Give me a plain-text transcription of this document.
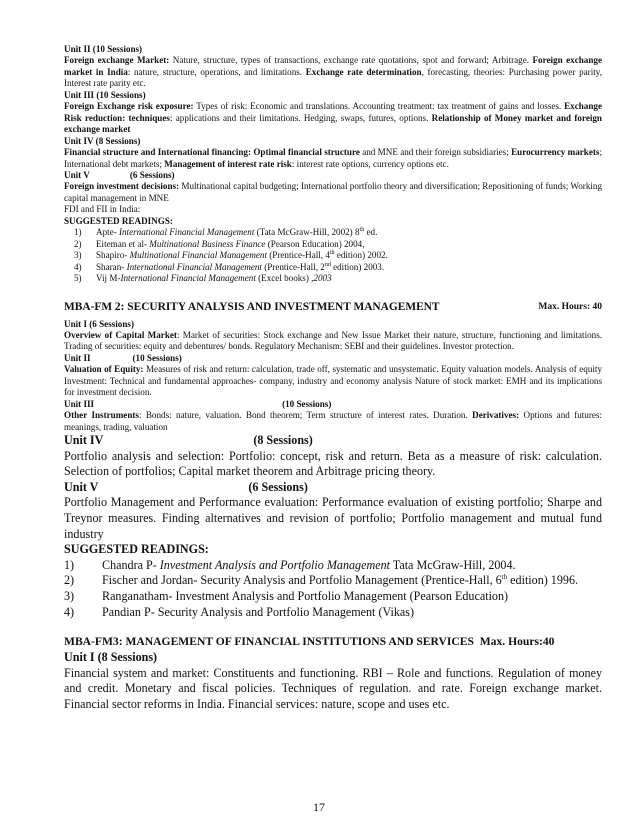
Unit II (10 Sessions)

Foreign exchange Market: Nature, structure, types of transactions, exchange rate quotations, spot and forward; Arbitrage. Foreign exchange market in India: nature, structure, operations, and limitations. Exchange rate determination, forecasting, theories: Purchasing power parity, Interest rate parity etc.

Unit III (10 Sessions)

Foreign Exchange risk exposure: Types of risk: Economic and translations. Accounting treatment: tax treatment of gains and losses. Exchange Risk reduction: techniques: applications and their limitations. Hedging, swaps, futures, options. Relationship of Money market and foreign exchange market

Unit IV (8 Sessions)

Financial structure and International financing: Optimal financial structure and MNE and their foreign subsidiaries; Eurocurrency markets; International debt markets; Management of interest rate risk: interest rate options, currency options etc.

Unit V	(6 Sessions)

Foreign investment decisions: Multinational capital budgeting; International portfolio theory and diversification; Repositioning of funds; Working capital management in MNE

FDI and FII in India:

SUGGESTED READINGS:

1)	Apte- International Financial Management (Tata McGraw-Hill, 2002) 8th ed.
2)	Eiteman et al- Multinational Business Finance (Pearson Education) 2004,
3)	Shapiro- Multinational Financial Management (Prentice-Hall, 4th edition) 2002.
4)	Sharan- International Financial Management (Prentice-Hall, 2nd edition) 2003.
5)	Vij M-International Financial Management (Excel books) ,2003
MBA-FM 2: SECURITY ANALYSIS AND INVESTMENT MANAGEMENT	Max. Hours: 40

Unit I (6 Sessions)

Overview of Capital Market: Market of securities: Stock exchange and New Issue Market their nature, structure, functioning and limitations. Trading of securities: equity and debentures/ bonds. Regulatory Mechanism: SEBI and their guidelines. Investor protection.

Unit II	(10 Sessions)

Valuation of Equity: Measures of risk and return: calculation, trade off, systematic and unsystematic. Equity valuation models. Analysis of equity Investment: Technical and fundamental approaches- company, industry and economy analysis Nature of stock market: EMH and its implications for investment decision.

Unit III	(10 Sessions)

Other Instruments: Bonds: nature, valuation. Bond theorem; Term structure of interest rates. Duration. Derivatives: Options and futures: meanings, trading, valuation

Unit IV	(8 Sessions)

Portfolio analysis and selection: Portfolio: concept, risk and return. Beta as a measure of risk: calculation. Selection of portfolios; Capital market theorem and Arbitrage pricing theory.

Unit V	(6 Sessions)

Portfolio Management and Performance evaluation: Performance evaluation of existing portfolio; Sharpe and Treynor measures. Finding alternatives and revision of portfolio; Portfolio management and mutual fund industry

SUGGESTED READINGS:

1)	Chandra P- Investment Analysis and Portfolio Management Tata McGraw-Hill, 2004.
2)	Fischer and Jordan- Security Analysis and Portfolio Management (Prentice-Hall, 6th edition) 1996.
3)	Ranganatham- Investment Analysis and Portfolio Management (Pearson Education)
4)	Pandian P- Security Analysis and Portfolio Management (Vikas)

MBA-FM3: MANAGEMENT OF FINANCIAL INSTITUTIONS AND SERVICES Max. Hours:40

Unit I (8 Sessions)

Financial system and market: Constituents and functioning. RBI – Role and functions. Regulation of money and credit. Monetary and fiscal policies. Techniques of regulation. and rate. Foreign exchange market. Financial sector reforms in India. Financial services: nature, scope and uses etc.

17
